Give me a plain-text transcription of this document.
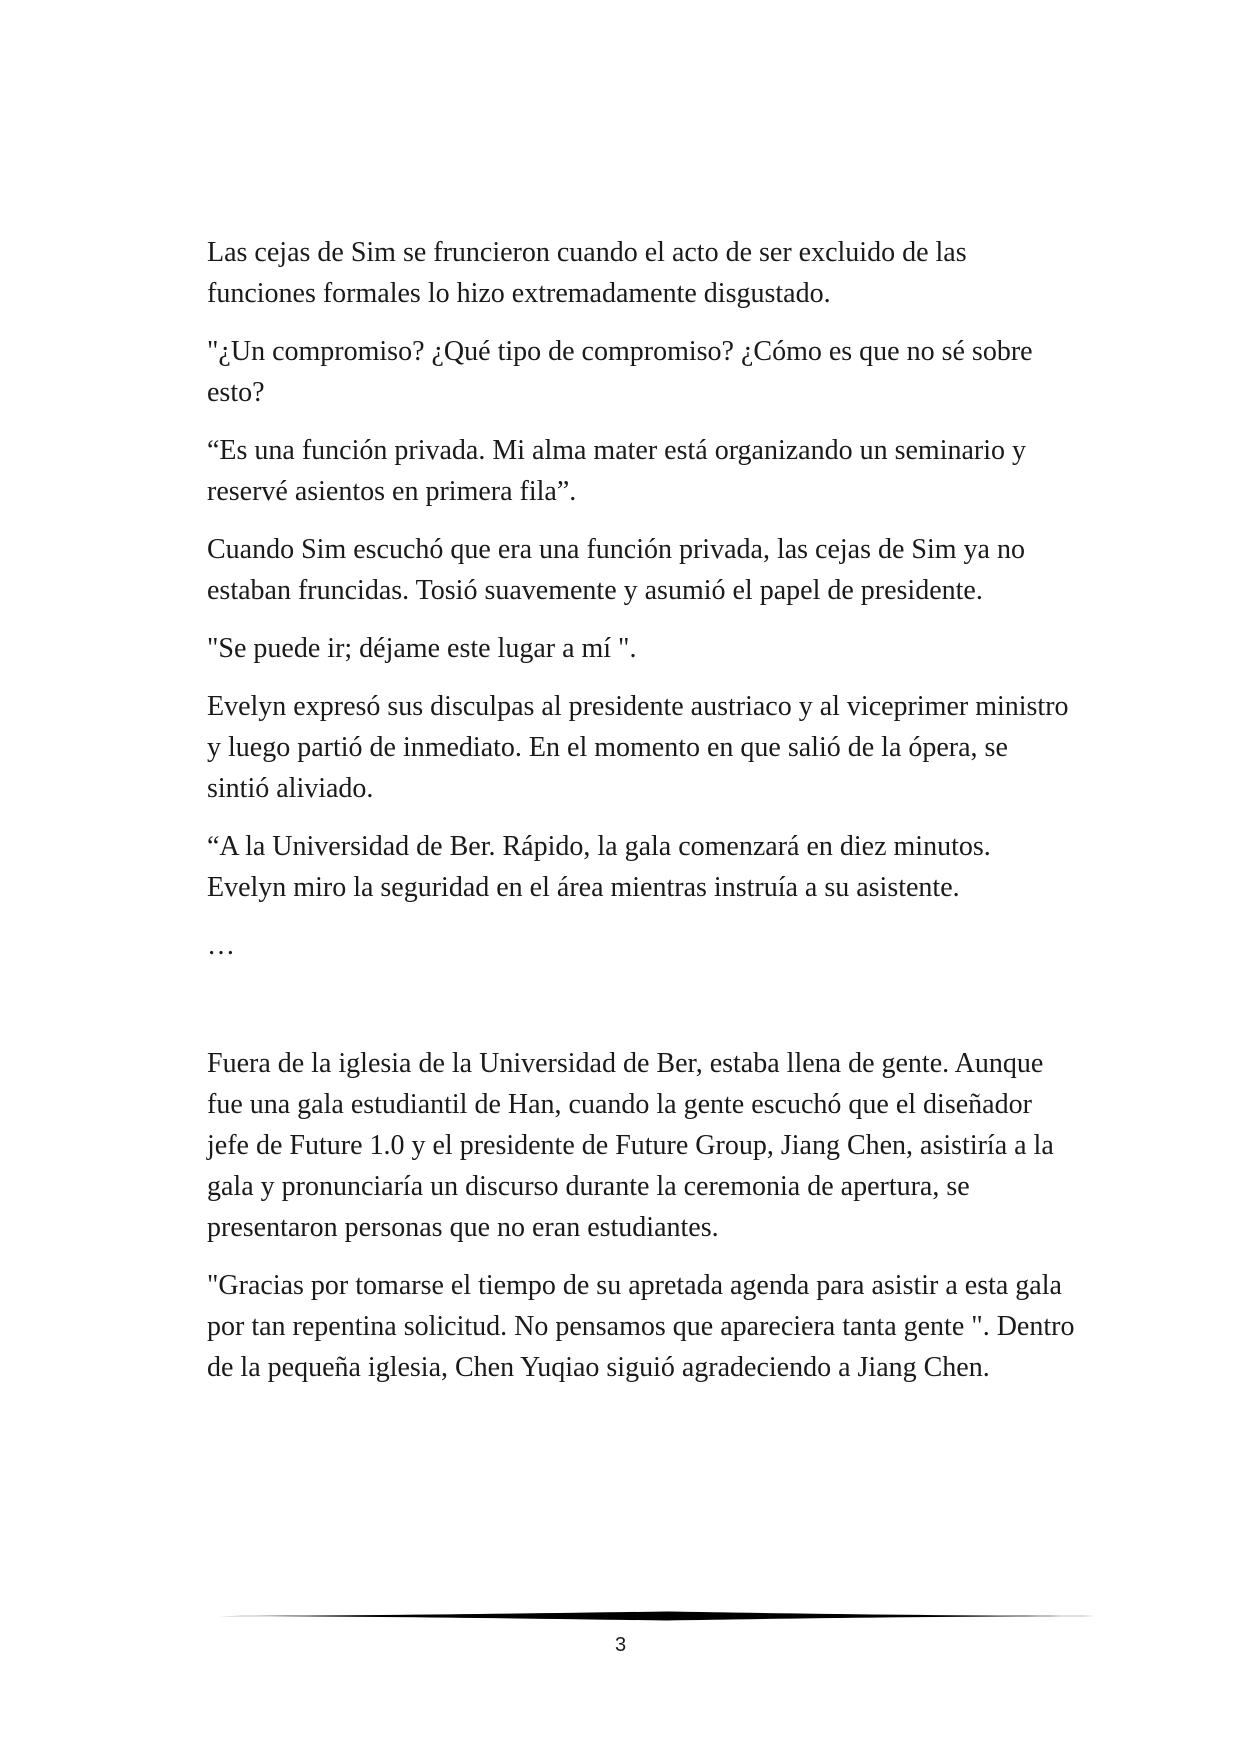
Las cejas de Sim se fruncieron cuando el acto de ser excluido de las funciones formales lo hizo extremadamente disgustado.

"¿Un compromiso? ¿Qué tipo de compromiso? ¿Cómo es que no sé sobre esto?

“Es una función privada. Mi alma mater está organizando un seminario y reservé asientos en primera fila”.

Cuando Sim escuchó que era una función privada, las cejas de Sim ya no estaban fruncidas. Tosió suavemente y asumió el papel de presidente.

"Se puede ir; déjame este lugar a mí ".

Evelyn expresó sus disculpas al presidente austriaco y al viceprimer ministro y luego partió de inmediato. En el momento en que salió de la ópera, se sintió aliviado.

“A la Universidad de Ber. Rápido, la gala comenzará en diez minutos. Evelyn miro la seguridad en el área mientras instruía a su asistente.

…

Fuera de la iglesia de la Universidad de Ber, estaba llena de gente. Aunque fue una gala estudiantil de Han, cuando la gente escuchó que el diseñador jefe de Future 1.0 y el presidente de Future Group, Jiang Chen, asistiría a la gala y pronunciaría un discurso durante la ceremonia de apertura, se presentaron personas que no eran estudiantes.

"Gracias por tomarse el tiempo de su apretada agenda para asistir a esta gala por tan repentina solicitud. No pensamos que apareciera tanta gente ". Dentro de la pequeña iglesia, Chen Yuqiao siguió agradeciendo a Jiang Chen.

3
